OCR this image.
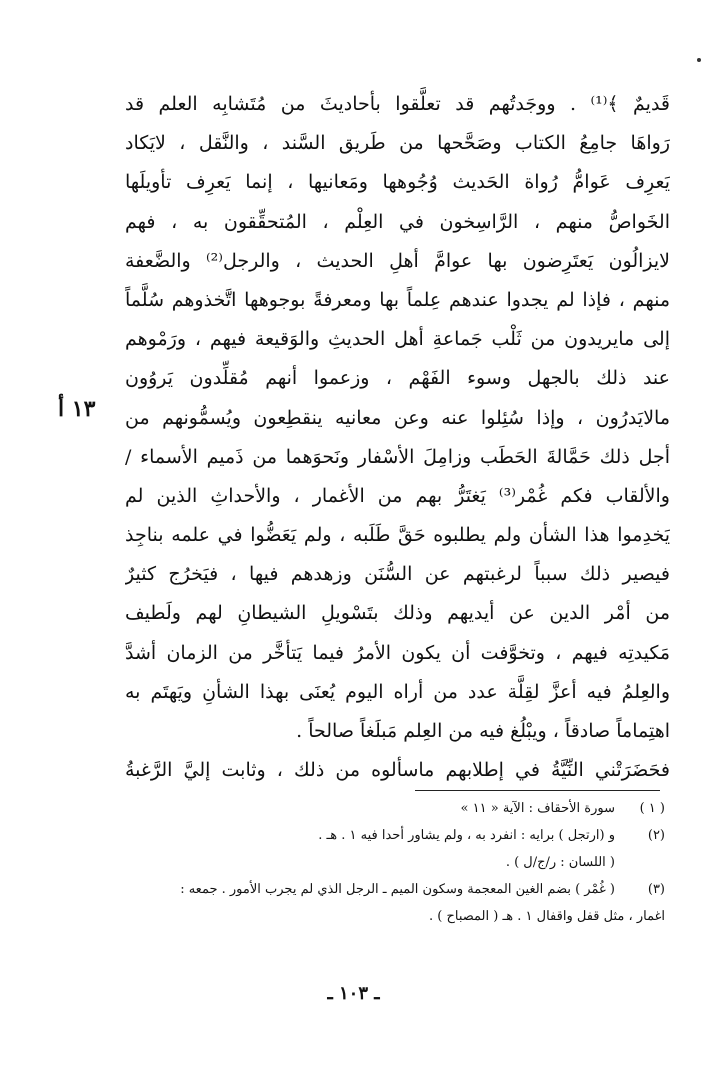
١٣ أ
قَديمٌ ﴾⁽¹⁾ . ووجَدتُهم قد تعلَّقوا بأحاديثَ من مُتَشابِه العلم قد
رَواهَا جامِعُ الكتاب وصَحَّحها من طَريق السَّند ، والنَّقل ، لايَكاد
يَعرِف عَوامُّ رُواة الحَديث وُجُوهها ومَعانيها ، إنما يَعرِف تأويلَها
الخَواصُّ منهم ، الرَّاسِخون في العِلْم ، المُتحقِّقون به ، فهم
لايزالُون يَعتَرِضون بها عوامَّ أهلِ الحديث ، والرجل⁽²⁾ والضَّعفة
منهم ، فإذا لم يجدوا عندهم عِلماً بها ومعرفةً بوجوهها اتَّخذوهم سُلَّماً
إلى مايريدون من ثَلْب جَماعةِ أهل الحديثِ والوَقيعة فيهم ، ورَمْوهم
عند ذلك بالجهل وسوء الفَهْم ، وزعموا أنهم مُقلِّدون يَروُون
مالايَدرُون ، وإذا سُئِلوا عنه وعن معانيه ينقطِعون ويُسمُّونهم من
أجل ذلك حَمَّالةَ الحَطَب وزامِلَ الأسْفار ونَحوَهما من ذَميم الأسماء /
والألقاب فكم غُمْر⁽³⁾ يَغتَرُّ بهم من الأغمار ، والأحداثِ الذين لم
يَخدِموا هذا الشأن ولم يطلبوه حَقَّ طَلَبه ، ولم يَعَضُّوا في علمه بناجِذ
فيصير ذلك سبباً لرغبتهم عن السُّنَن وزهدهم فيها ، فيَخرُج كثيرٌ
من أمْر الدين عن أيديهم وذلك بتَسْويلِ الشيطانِ لهم ولَطيف
مَكيدتِه فيهم ، وتخوَّفت أن يكون الأمرُ فيما يَتأخَّر من الزمان أشدَّ
والعِلمُ فيه أعزَّ لقِلَّة عدد من أراه اليوم يُعنَى بهذا الشأنِ ويَهتَم به
اهتِماماً صادقاً ، ويبْلُغ فيه من العِلم مَبلَغاً صالحاً .
فحَضَرَتْني النِّيَّةُ في إطلابهم ماسألوه من ذلك ، وثابت إليَّ الرَّغبةُ
( ١ )
سورة الأحقاف : الآية « ١١ »
(٢)
و (ارتجل ) برايه : انفرد به ، ولم يشاور أحدا فيه ١ . هـ .
( اللسان : ر/ج/ل ) .
(٣)
( غُمْر ) بضم الغين المعجمة وسكون الميم ـ الرجل الذي لم يجرب الأمور . جمعه :
اغمار ، مثل قفل واقفال ١ . هـ ( المصباح ) .
ـ ١٠٣ ـ
